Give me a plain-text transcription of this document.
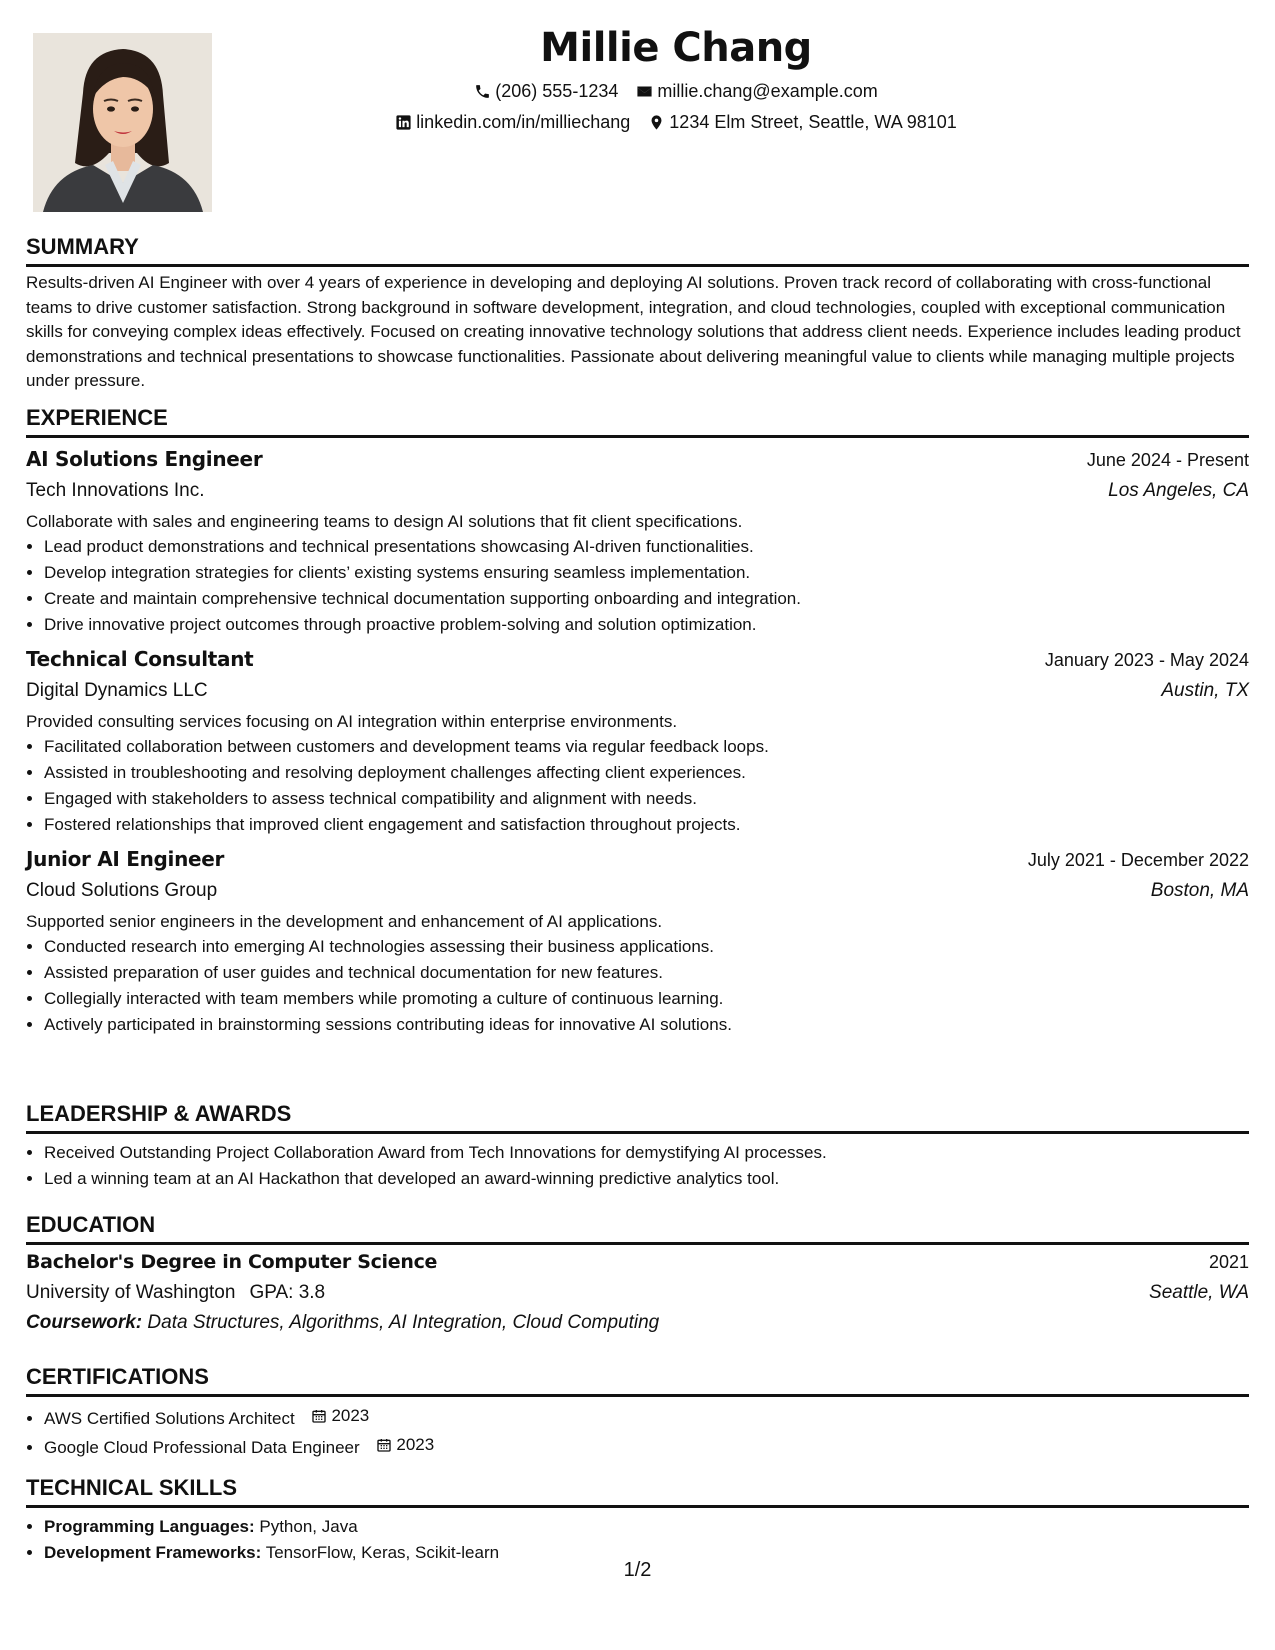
Millie Chang
(206) 555-1234 millie.chang@example.com
linkedin.com/in/milliechang 1234 Elm Street, Seattle, WA 98101
SUMMARY
Results-driven AI Engineer with over 4 years of experience in developing and deploying AI solutions. Proven track record of collaborating with cross-functional teams to drive customer satisfaction. Strong background in software development, integration, and cloud technologies, coupled with exceptional communication skills for conveying complex ideas effectively. Focused on creating innovative technology solutions that address client needs. Experience includes leading product demonstrations and technical presentations to showcase functionalities. Passionate about delivering meaningful value to clients while managing multiple projects under pressure.
EXPERIENCE
AI Solutions Engineer	June 2024 - Present
Tech Innovations Inc.	Los Angeles, CA
Collaborate with sales and engineering teams to design AI solutions that fit client specifications.
• Lead product demonstrations and technical presentations showcasing AI-driven functionalities.
• Develop integration strategies for clients’ existing systems ensuring seamless implementation.
• Create and maintain comprehensive technical documentation supporting onboarding and integration.
• Drive innovative project outcomes through proactive problem-solving and solution optimization.
Technical Consultant	January 2023 - May 2024
Digital Dynamics LLC	Austin, TX
Provided consulting services focusing on AI integration within enterprise environments.
• Facilitated collaboration between customers and development teams via regular feedback loops.
• Assisted in troubleshooting and resolving deployment challenges affecting client experiences.
• Engaged with stakeholders to assess technical compatibility and alignment with needs.
• Fostered relationships that improved client engagement and satisfaction throughout projects.
Junior AI Engineer	July 2021 - December 2022
Cloud Solutions Group	Boston, MA
Supported senior engineers in the development and enhancement of AI applications.
• Conducted research into emerging AI technologies assessing their business applications.
• Assisted preparation of user guides and technical documentation for new features.
• Collegially interacted with team members while promoting a culture of continuous learning.
• Actively participated in brainstorming sessions contributing ideas for innovative AI solutions.
LEADERSHIP & AWARDS
• Received Outstanding Project Collaboration Award from Tech Innovations for demystifying AI processes.
• Led a winning team at an AI Hackathon that developed an award-winning predictive analytics tool.
EDUCATION
Bachelor's Degree in Computer Science	2021
University of Washington GPA: 3.8	Seattle, WA
Coursework: Data Structures, Algorithms, AI Integration, Cloud Computing
CERTIFICATIONS
• AWS Certified Solutions Architect 2023
• Google Cloud Professional Data Engineer 2023
TECHNICAL SKILLS
• Programming Languages: Python, Java
• Development Frameworks: TensorFlow, Keras, Scikit-learn
1/2
